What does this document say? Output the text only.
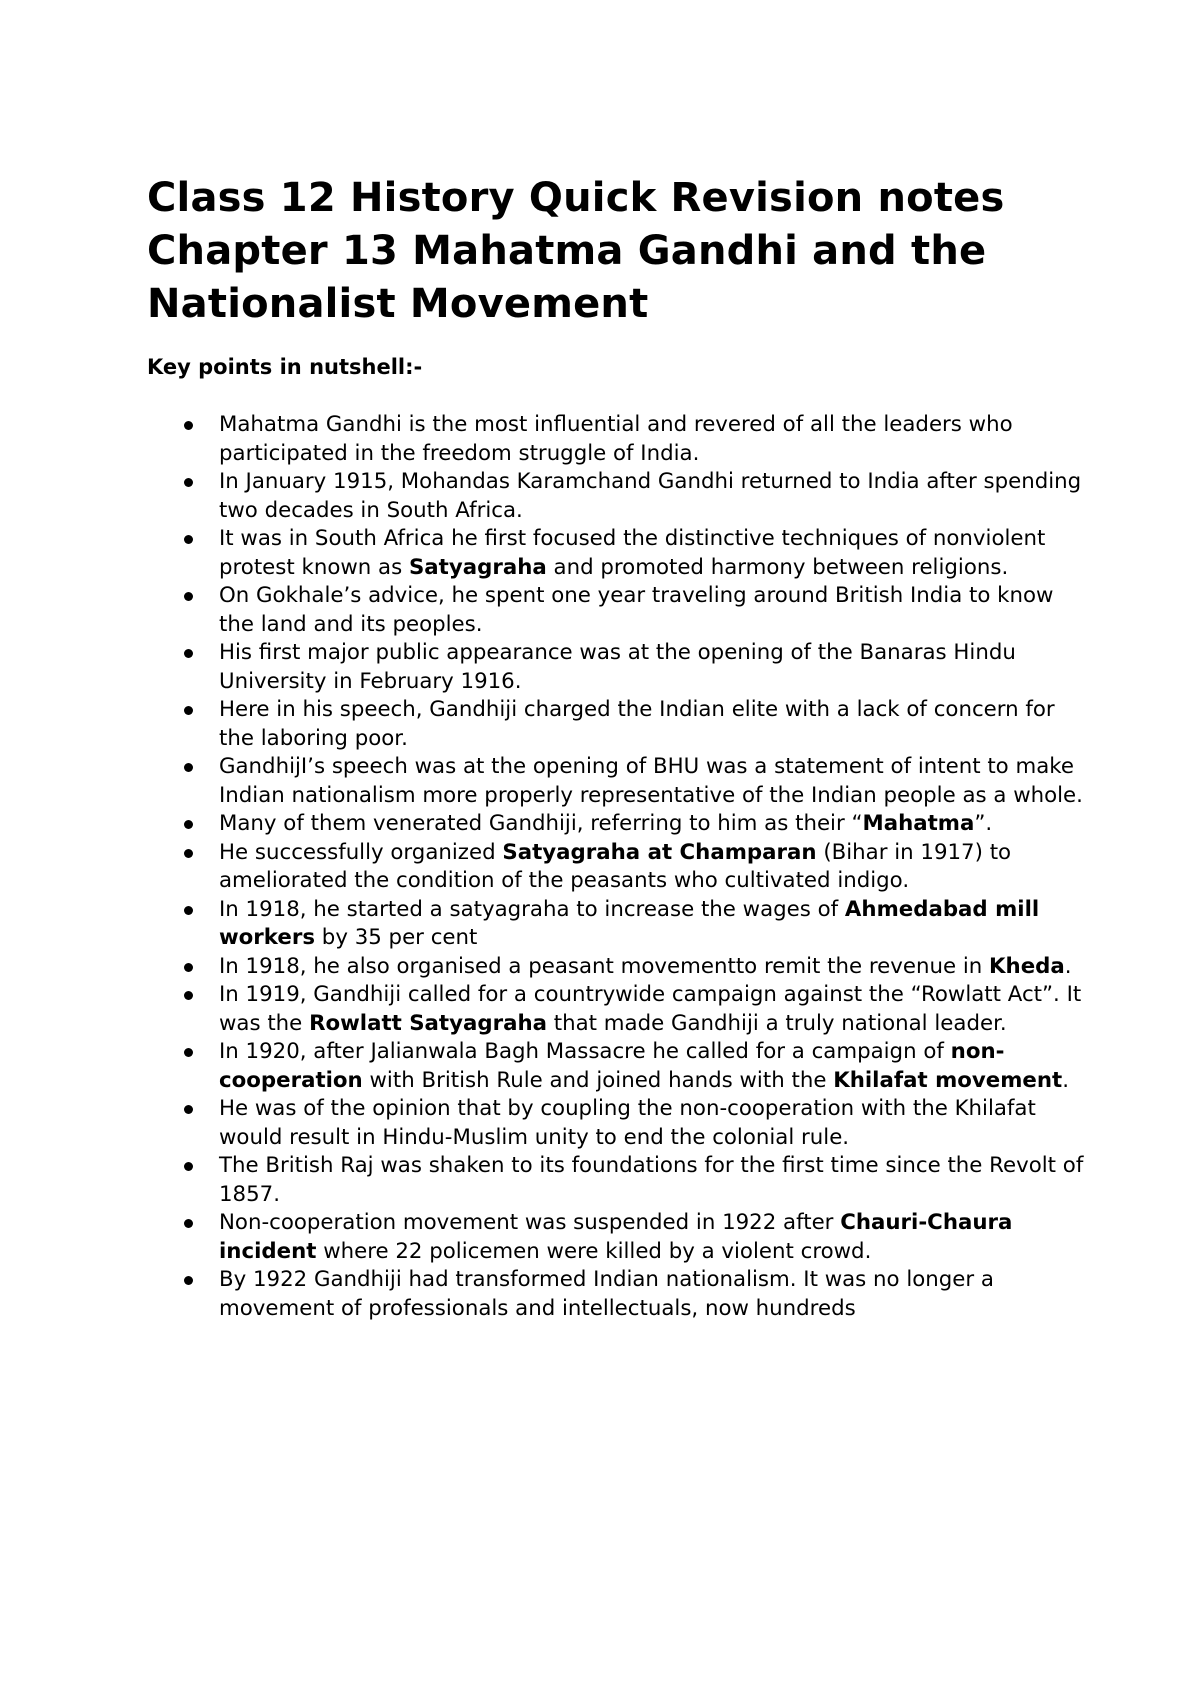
Class 12 History Quick Revision notes Chapter 13 Mahatma Gandhi and the Nationalist Movement

Key points in nutshell:-

Mahatma Gandhi is the most influential and revered of all the leaders who participated in the freedom struggle of India.
In January 1915, Mohandas Karamchand Gandhi returned to India after spending two decades in South Africa.
It was in South Africa he first focused the distinctive techniques of nonviolent protest known as Satyagraha and promoted harmony between religions.
On Gokhale’s advice, he spent one year traveling around British India to know the land and its peoples.
His first major public appearance was at the opening of the Banaras Hindu University in February 1916.
Here in his speech, Gandhiji charged the Indian elite with a lack of concern for the laboring poor.
GandhijI’s speech was at the opening of BHU was a statement of intent to make Indian nationalism more properly representative of the Indian people as a whole.
Many of them venerated Gandhiji, referring to him as their “Mahatma”.
He successfully organized Satyagraha at Champaran (Bihar in 1917) to ameliorated the condition of the peasants who cultivated indigo.
In 1918, he started a satyagraha to increase the wages of Ahmedabad mill workers by 35 per cent
In 1918, he also organised a peasant movementto remit the revenue in Kheda.
In 1919, Gandhiji called for a countrywide campaign against the “Rowlatt Act”. It was the Rowlatt Satyagraha that made Gandhiji a truly national leader.
In 1920, after Jalianwala Bagh Massacre he called for a campaign of non-cooperation with British Rule and joined hands with the Khilafat movement.
He was of the opinion that by coupling the non-cooperation with the Khilafat would result in Hindu-Muslim unity to end the colonial rule.
The British Raj was shaken to its foundations for the first time since the Revolt of 1857.
Non-cooperation movement was suspended in 1922 after Chauri-Chaura incident where 22 policemen were killed by a violent crowd.
By 1922 Gandhiji had transformed Indian nationalism. It was no longer a movement of professionals and intellectuals, now hundreds
